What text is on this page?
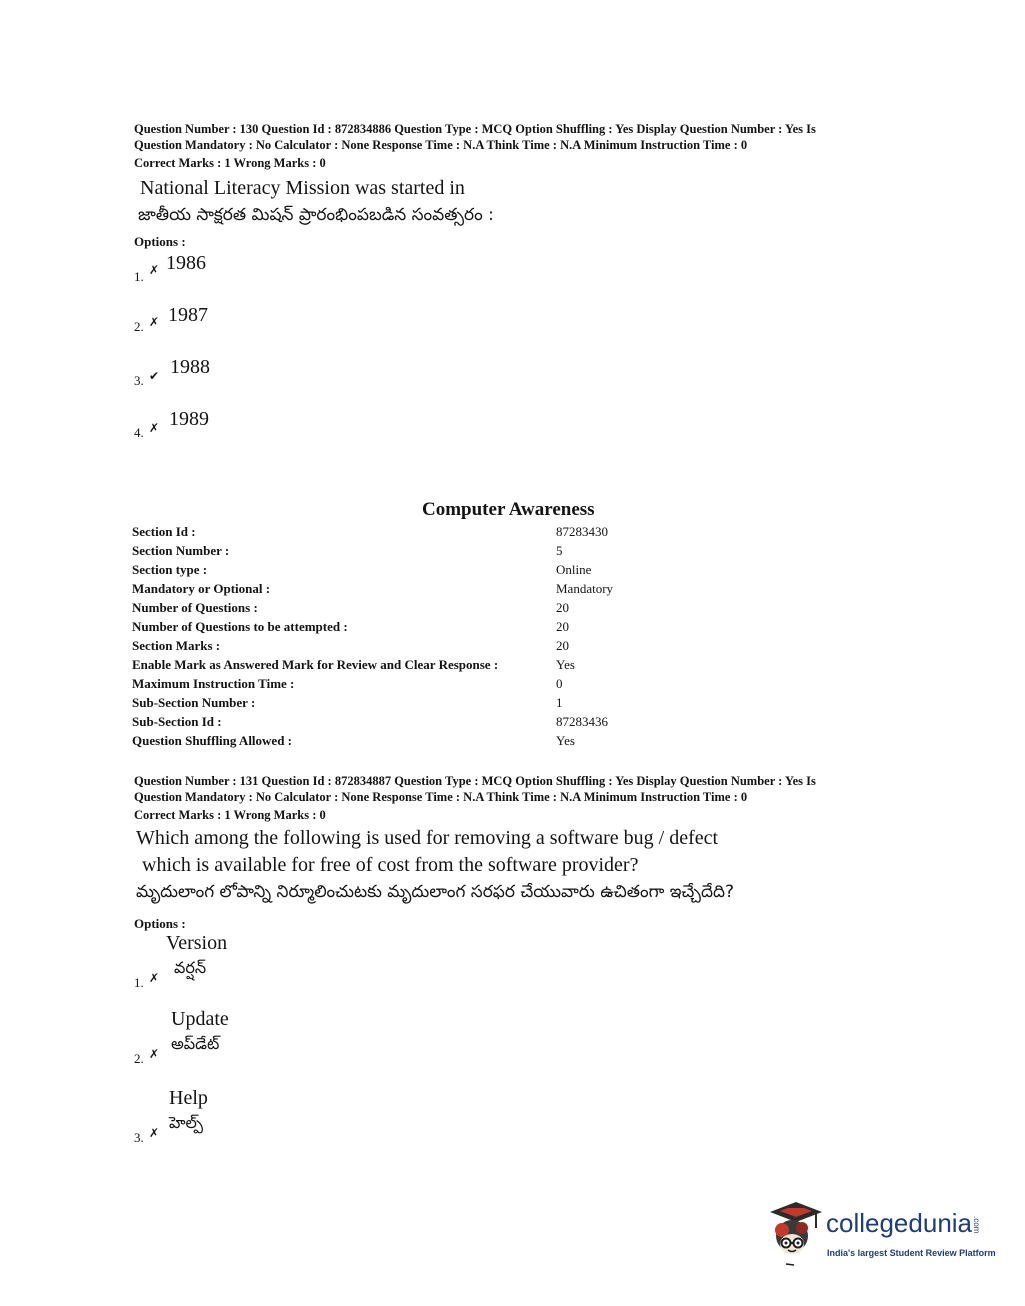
Question Number : 130 Question Id : 872834886 Question Type : MCQ Option Shuffling : Yes Display Question Number : Yes Is
Question Mandatory : No Calculator : None Response Time : N.A Think Time : N.A Minimum Instruction Time : 0
Correct Marks : 1 Wrong Marks : 0
National Literacy Mission was started in
జాతీయ సాక్షరత మిషన్ ప్రారంభింపబడిన సంవత్సరం :
Options :
1. ✗ 1986
2. ✗ 1987
3. ✔ 1988
4. ✗ 1989
Computer Awareness
Section Id :	87283430
Section Number :	5
Section type :	Online
Mandatory or Optional :	Mandatory
Number of Questions :	20
Number of Questions to be attempted :	20
Section Marks :	20
Enable Mark as Answered Mark for Review and Clear Response :	Yes
Maximum Instruction Time :	0
Sub-Section Number :	1
Sub-Section Id :	87283436
Question Shuffling Allowed :	Yes
Question Number : 131 Question Id : 872834887 Question Type : MCQ Option Shuffling : Yes Display Question Number : Yes Is
Question Mandatory : No Calculator : None Response Time : N.A Think Time : N.A Minimum Instruction Time : 0
Correct Marks : 1 Wrong Marks : 0
Which among the following is used for removing a software bug / defect
which is available for free of cost from the software provider?
మృదులాంగ లోపాన్ని నిర్మూలించుటకు మృదులాంగ సరఫర చేయువారు ఉచితంగా ఇచ్చేదేది?
Options :
Version
వర్షన్
1. ✗
Update
అప్‌డేట్
2. ✗
Help
హెల్ప్
3. ✗
collegedunia.com
India's largest Student Review Platform
